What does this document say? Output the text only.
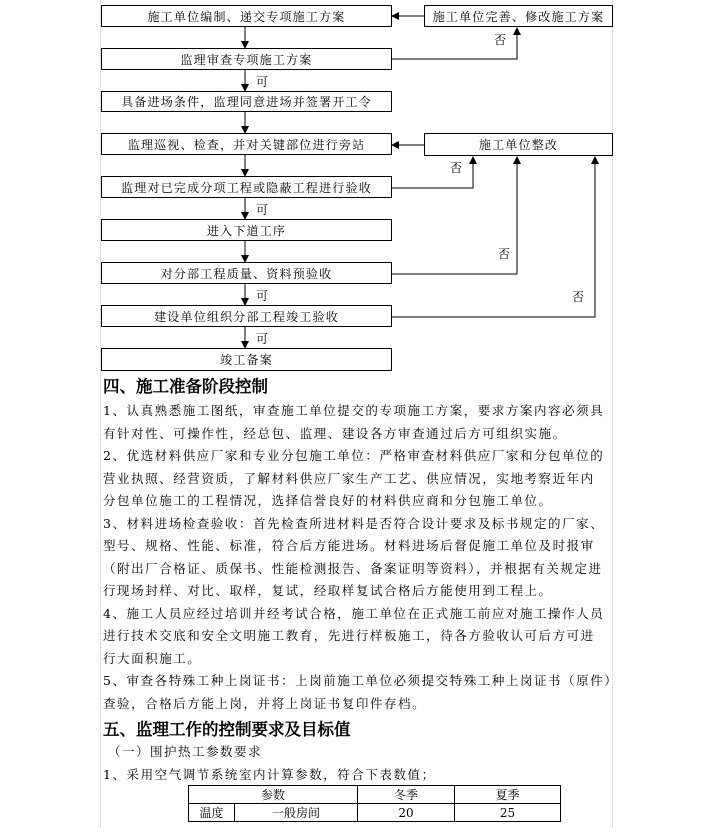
施工单位编制、递交专项施工方案
监理审查专项施工方案
具备进场条件，监理同意进场并签署开工令
监理巡视、检查，并对关键部位进行旁站
监理对已完成分项工程或隐蔽工程进行验收
进入下道工序
对分部工程质量、资料预验收
建设单位组织分部工程竣工验收
竣工备案
施工单位完善、修改施工方案
施工单位整改
可
可
可
可
否
否
否
否
四、施工准备阶段控制
1、认真熟悉施工图纸，审查施工单位提交的专项施工方案，要求方案内容必须具
有针对性、可操作性，经总包、监理、建设各方审查通过后方可组织实施。
2、优选材料供应厂家和专业分包施工单位：严格审查材料供应厂家和分包单位的
营业执照、经营资质，了解材料供应厂家生产工艺、供应情况，实地考察近年内
分包单位施工的工程情况，选择信誉良好的材料供应商和分包施工单位。
3、材料进场检查验收：首先检查所进材料是否符合设计要求及标书规定的厂家、
型号、规格、性能、标准，符合后方能进场。材料进场后督促施工单位及时报审
（附出厂合格证、质保书、性能检测报告、备案证明等资料），并根据有关规定进
行现场封样、对比、取样，复试，经取样复试合格后方能使用到工程上。
4、施工人员应经过培训并经考试合格，施工单位在正式施工前应对施工操作人员
进行技术交底和安全文明施工教育，先进行样板施工，待各方验收认可后方可进
行大面积施工。
5、审查各特殊工种上岗证书：上岗前施工单位必须提交特殊工种上岗证书（原件）
查验，合格后方能上岗，并将上岗证书复印件存档。
五、监理工作的控制要求及目标值
（一）围护热工参数要求
1、采用空气调节系统室内计算参数，符合下表数值；
参数		冬季	夏季
温度	一般房间	20	25
